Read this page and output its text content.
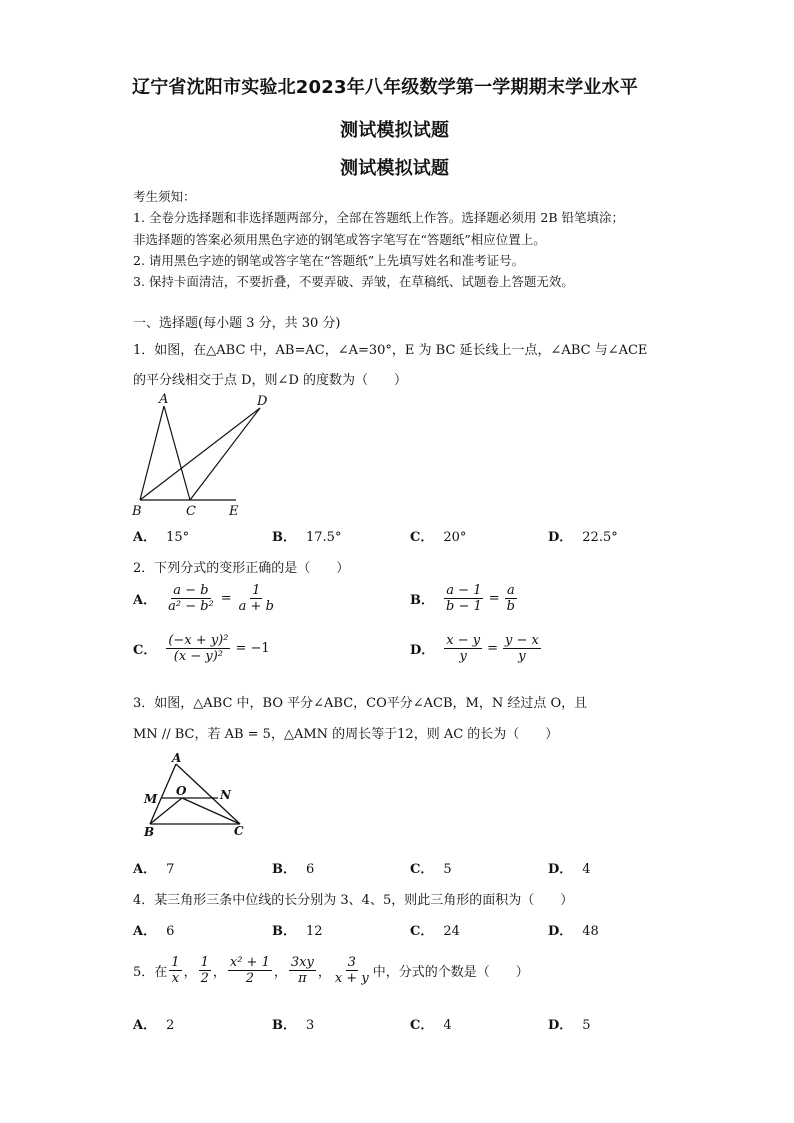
辽宁省沈阳市实验北2023年八年级数学第一学期期末学业水平
测试模拟试题
测试模拟试题
考生须知：
1. 全卷分选择题和非选择题两部分，全部在答题纸上作答。选择题必须用 2B 铅笔填涂；
非选择题的答案必须用黑色字迹的钢笔或答字笔写在“答题纸”相应位置上。
2. 请用黑色字迹的钢笔或答字笔在“答题纸”上先填写姓名和准考证号。
3. 保持卡面清洁，不要折叠，不要弄破、弄皱，在草稿纸、试题卷上答题无效。
一、选择题(每小题 3 分，共 30 分)
1．如图，在△ABC 中，AB=AC，∠A=30°，E 为 BC 延长线上一点，∠ABC 与∠ACE
的平分线相交于点 D，则∠D 的度数为（　　）
A	D
B	C	E
A． 15°	B． 17.5°	C． 20°	D． 22.5°
2．下列分式的变形正确的是（　　）
A． $\frac{a - b}{\text{a² − b²}} = \frac{1}{a + b}$	B． $\frac{a - 1}{b - 1} = \frac{a}{b}$
C． $\frac{\text{(−x + y)²}}{\text{(x − y)²}} = -1$	D． $\frac{x - y}{y} = \frac{y - x}{y}$
3．如图，△ABC 中，BO 平分∠ABC，CO平分∠ACB，M，N 经过点 O，且
MN // BC，若 AB = 5，△AMN 的周长等于12，则 AC 的长为（　　）
A
M
O	N
B	C
A． 7	B． 6	C． 5	D． 4
4．某三角形三条中位线的长分别为 3、4、5，则此三角形的面积为（　　）
A． 6	B． 12	C． 24	D． 48
5．在 $\frac{1}{x}$ ， $\frac{1}{2}$ ， $\frac{\text{x² + 1}}{2}$ ， $\frac{3xy}{\pi}$ ， $\frac{3}{x + y}$ 中，分式的个数是（　　）
A． 2	B． 3	C． 4	D． 5
